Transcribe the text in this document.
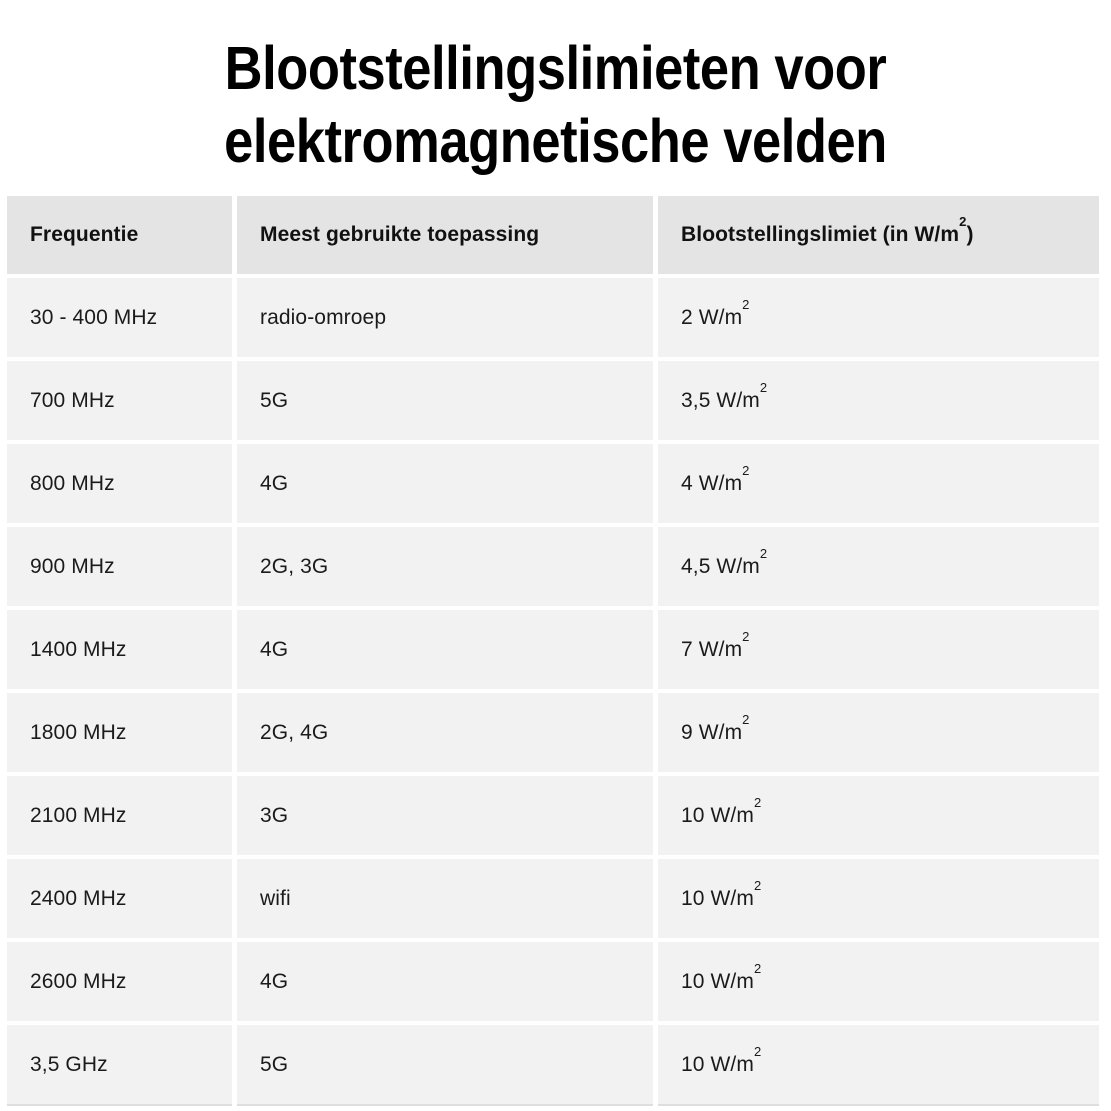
Blootstellingslimieten voor
elektromagnetische velden
Frequentie	Meest gebruikte toepassing	Blootstellingslimiet (in $W/m^2$)
30 - 400 MHz	radio-omroep	2 $W/m^2$
700 MHz	5G	3,5 $W/m^2$
800 MHz	4G	4 $W/m^2$
900 MHz	2G, 3G	4,5 $W/m^2$
1400 MHz	4G	7 $W/m^2$
1800 MHz	2G, 4G	9 $W/m^2$
2100 MHz	3G	10 $W/m^2$
2400 MHz	wifi	10 $W/m^2$
2600 MHz	4G	10 $W/m^2$
3,5 GHz	5G	10 $W/m^2$
